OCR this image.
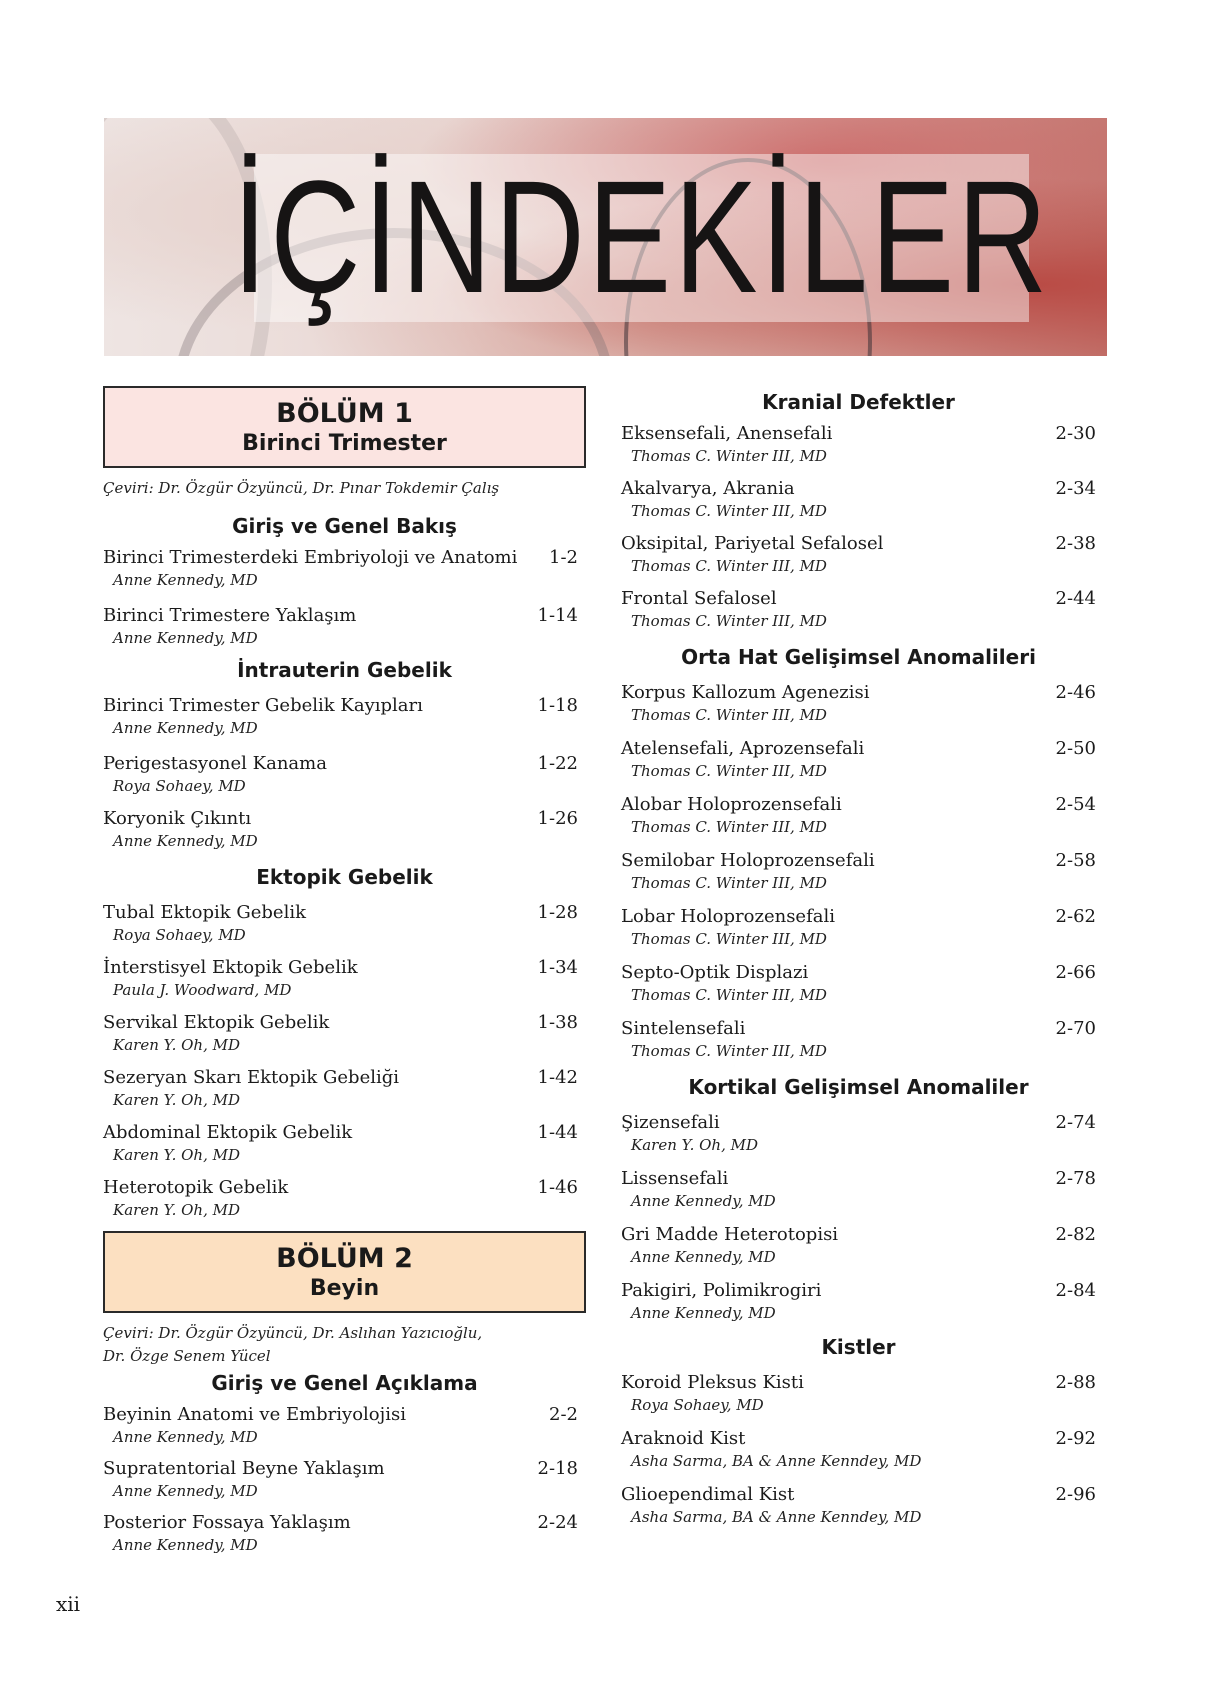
İÇİNDEKİLER
BÖLÜM 1
Birinci Trimester
Çeviri: Dr. Özgür Özyüncü, Dr. Pınar Tokdemir Çalış
Giriş ve Genel Bakış
Birinci Trimesterdeki Embriyoloji ve Anatomi	1-2
Anne Kennedy, MD
Birinci Trimestere Yaklaşım	1-14
Anne Kennedy, MD
İntrauterin Gebelik
Birinci Trimester Gebelik Kayıpları	1-18
Anne Kennedy, MD
Perigestasyonel Kanama	1-22
Roya Sohaey, MD
Koryonik Çıkıntı	1-26
Anne Kennedy, MD
Ektopik Gebelik
Tubal Ektopik Gebelik	1-28
Roya Sohaey, MD
İnterstisyel Ektopik Gebelik	1-34
Paula J. Woodward, MD
Servikal Ektopik Gebelik	1-38
Karen Y. Oh, MD
Sezeryan Skarı Ektopik Gebeliği	1-42
Karen Y. Oh, MD
Abdominal Ektopik Gebelik	1-44
Karen Y. Oh, MD
Heterotopik Gebelik	1-46
Karen Y. Oh, MD
BÖLÜM 2
Beyin
Çeviri: Dr. Özgür Özyüncü, Dr. Aslıhan Yazıcıoğlu,
Dr. Özge Senem Yücel
Giriş ve Genel Açıklama
Beyinin Anatomi ve Embriyolojisi	2-2
Anne Kennedy, MD
Supratentorial Beyne Yaklaşım	2-18
Anne Kennedy, MD
Posterior Fossaya Yaklaşım	2-24
Anne Kennedy, MD
Kranial Defektler
Eksensefali, Anensefali	2-30
Thomas C. Winter III, MD
Akalvarya, Akrania	2-34
Thomas C. Winter III, MD
Oksipital, Pariyetal Sefalosel	2-38
Thomas C. Winter III, MD
Frontal Sefalosel	2-44
Thomas C. Winter III, MD
Orta Hat Gelişimsel Anomalileri
Korpus Kallozum Agenezisi	2-46
Thomas C. Winter III, MD
Atelensefali, Aprozensefali	2-50
Thomas C. Winter III, MD
Alobar Holoprozensefali	2-54
Thomas C. Winter III, MD
Semilobar Holoprozensefali	2-58
Thomas C. Winter III, MD
Lobar Holoprozensefali	2-62
Thomas C. Winter III, MD
Septo-Optik Displazi	2-66
Thomas C. Winter III, MD
Sintelensefali	2-70
Thomas C. Winter III, MD
Kortikal Gelişimsel Anomaliler
Şizensefali	2-74
Karen Y. Oh, MD
Lissensefali	2-78
Anne Kennedy, MD
Gri Madde Heterotopisi	2-82
Anne Kennedy, MD
Pakigiri, Polimikrogiri	2-84
Anne Kennedy, MD
Kistler
Koroid Pleksus Kisti	2-88
Roya Sohaey, MD
Araknoid Kist	2-92
Asha Sarma, BA & Anne Kenndey, MD
Glioependimal Kist	2-96
Asha Sarma, BA & Anne Kenndey, MD
xii
